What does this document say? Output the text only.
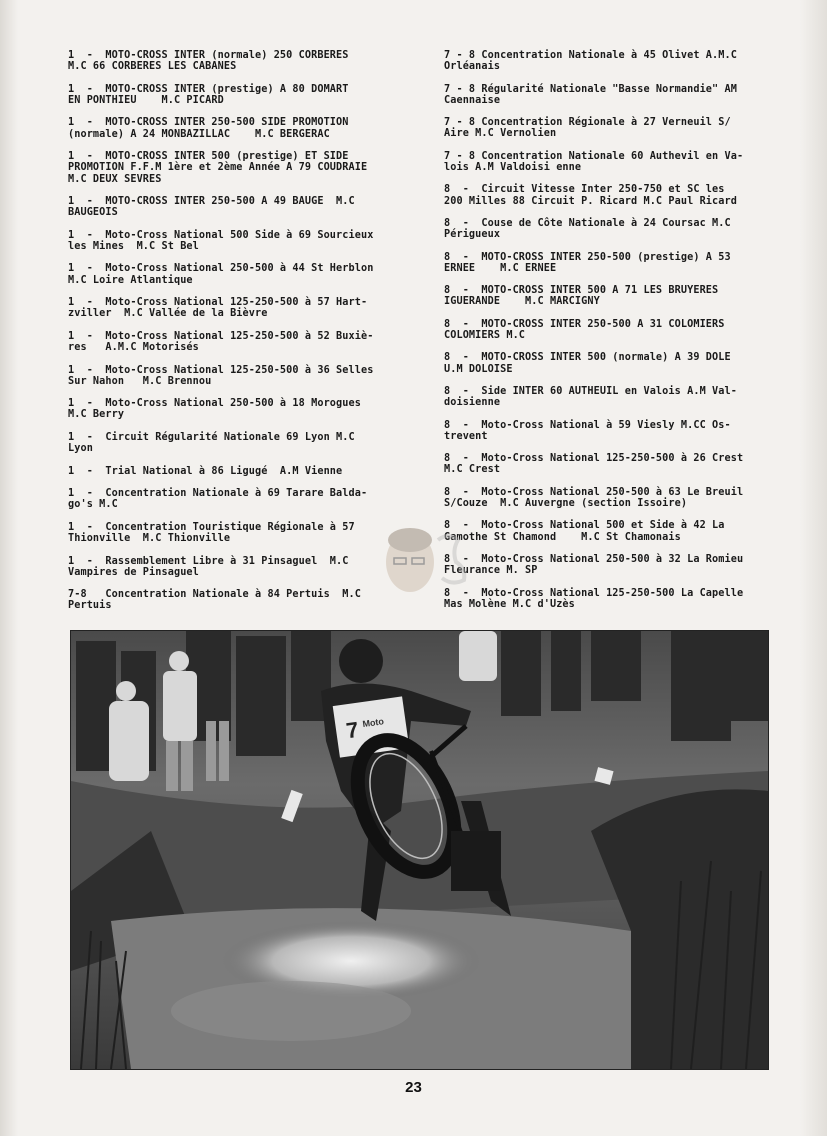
1  -  MOTO-CROSS INTER (normale) 250 CORBERES
M.C 66 CORBERES LES CABANES

1  -  MOTO-CROSS INTER (prestige) A 80 DOMART
EN PONTHIEU    M.C PICARD

1  -  MOTO-CROSS INTER 250-500 SIDE PROMOTION
(normale) A 24 MONBAZILLAC    M.C BERGERAC

1  -  MOTO-CROSS INTER 500 (prestige) ET SIDE
PROMOTION F.F.M 1ère et 2ème Année A 79 COUDRAIE
M.C DEUX SEVRES

1  -  MOTO-CROSS INTER 250-500 A 49 BAUGE  M.C
BAUGEOIS

1  -  Moto-Cross National 500 Side à 69 Sourcieux
les Mines  M.C St Bel

1  -  Moto-Cross National 250-500 à 44 St Herblon
M.C Loire Atlantique

1  -  Moto-Cross National 125-250-500 à 57 Hart-
zviller  M.C Vallée de la Bièvre

1  -  Moto-Cross National 125-250-500 à 52 Buxiè-
res   A.M.C Motorisés

1  -  Moto-Cross National 125-250-500 à 36 Selles
Sur Nahon   M.C Brennou

1  -  Moto-Cross National 250-500 à 18 Morogues
M.C Berry

1  -  Circuit Régularité Nationale 69 Lyon M.C
Lyon

1  -  Trial National à 86 Ligugé  A.M Vienne

1  -  Concentration Nationale à 69 Tarare Balda-
go's M.C

1  -  Concentration Touristique Régionale à 57
Thionville  M.C Thionville

1  -  Rassemblement Libre à 31 Pinsaguel  M.C
Vampires de Pinsaguel

7-8   Concentration Nationale à 84 Pertuis  M.C
Pertuis

7 - 8 Concentration Nationale à 45 Olivet A.M.C
Orléanais

7 - 8 Régularité Nationale "Basse Normandie" AM
Caennaise

7 - 8 Concentration Régionale à 27 Verneuil S/
Aire M.C Vernolien

7 - 8 Concentration Nationale 60 Authevil en Va-
lois A.M Valdoisi enne

8  -  Circuit Vitesse Inter 250-750 et SC les
200 Milles 88 Circuit P. Ricard M.C Paul Ricard

8  -  Couse de Côte Nationale à 24 Coursac M.C
Périgueux

8  -  MOTO-CROSS INTER 250-500 (prestige) A 53
ERNEE    M.C ERNEE

8  -  MOTO-CROSS INTER 500 A 71 LES BRUYERES
IGUERANDE    M.C MARCIGNY

8  -  MOTO-CROSS INTER 250-500 A 31 COLOMIERS
COLOMIERS M.C

8  -  MOTO-CROSS INTER 500 (normale) A 39 DOLE
U.M DOLOISE

8  -  Side INTER 60 AUTHEUIL en Valois A.M Val-
doisienne

8  -  Moto-Cross National à 59 Viesly M.CC Os-
trevent

8  -  Moto-Cross National 125-250-500 à 26 Crest
M.C Crest

8  -  Moto-Cross National 250-500 à 63 Le Breuil
S/Couze  M.C Auvergne (section Issoire)

8  -  Moto-Cross National 500 et Side à 42 La
Gamothe St Chamond    M.C St Chamonais

8  -  Moto-Cross National 250-500 à 32 La Romieu
Fleurance M. SP

8  -  Moto-Cross National 125-250-500 La Capelle
Mas Molène M.C d'Uzès

7 Moto
23
